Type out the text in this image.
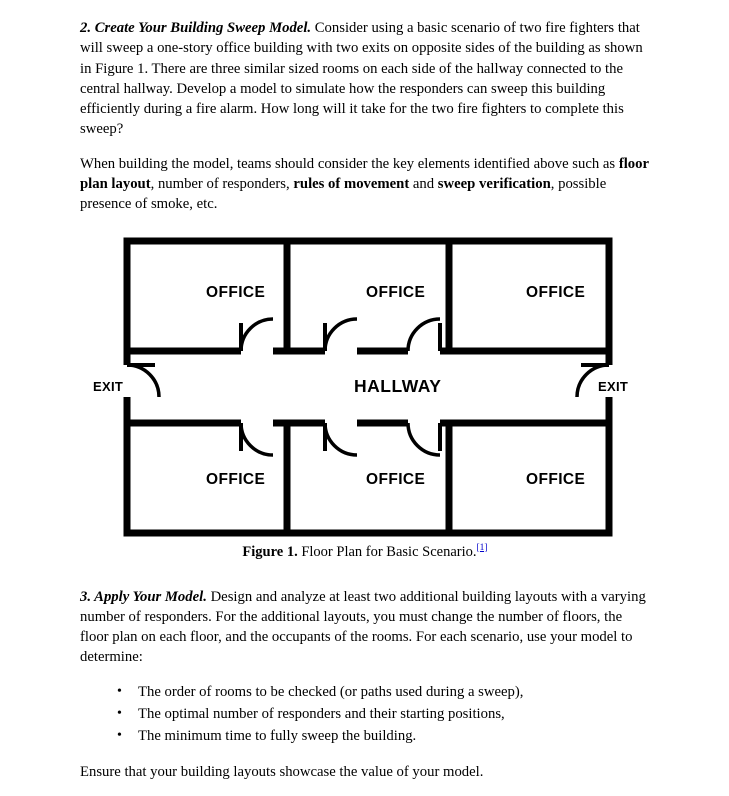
2. Create Your Building Sweep Model. Consider using a basic scenario of two fire fighters that will sweep a one-story office building with two exits on opposite sides of the building as shown in Figure 1. There are three similar sized rooms on each side of the hallway connected to the central hallway. Develop a model to simulate how the responders can sweep this building efficiently during a fire alarm. How long will it take for the two fire fighters to complete this sweep?

When building the model, teams should consider the key elements identified above such as floor plan layout, number of responders, rules of movement and sweep verification, possible presence of smoke, etc.

OFFICE	OFFICE	OFFICE
HALLWAY
OFFICE	OFFICE	OFFICE
EXIT	EXIT
Figure 1. Floor Plan for Basic Scenario.[1]

3. Apply Your Model. Design and analyze at least two additional building layouts with a varying number of responders. For the additional layouts, you must change the number of floors, the floor plan on each floor, and the occupants of the rooms. For each scenario, use your model to determine:

• The order of rooms to be checked (or paths used during a sweep),
• The optimal number of responders and their starting positions,
• The minimum time to fully sweep the building.

Ensure that your building layouts showcase the value of your model.
